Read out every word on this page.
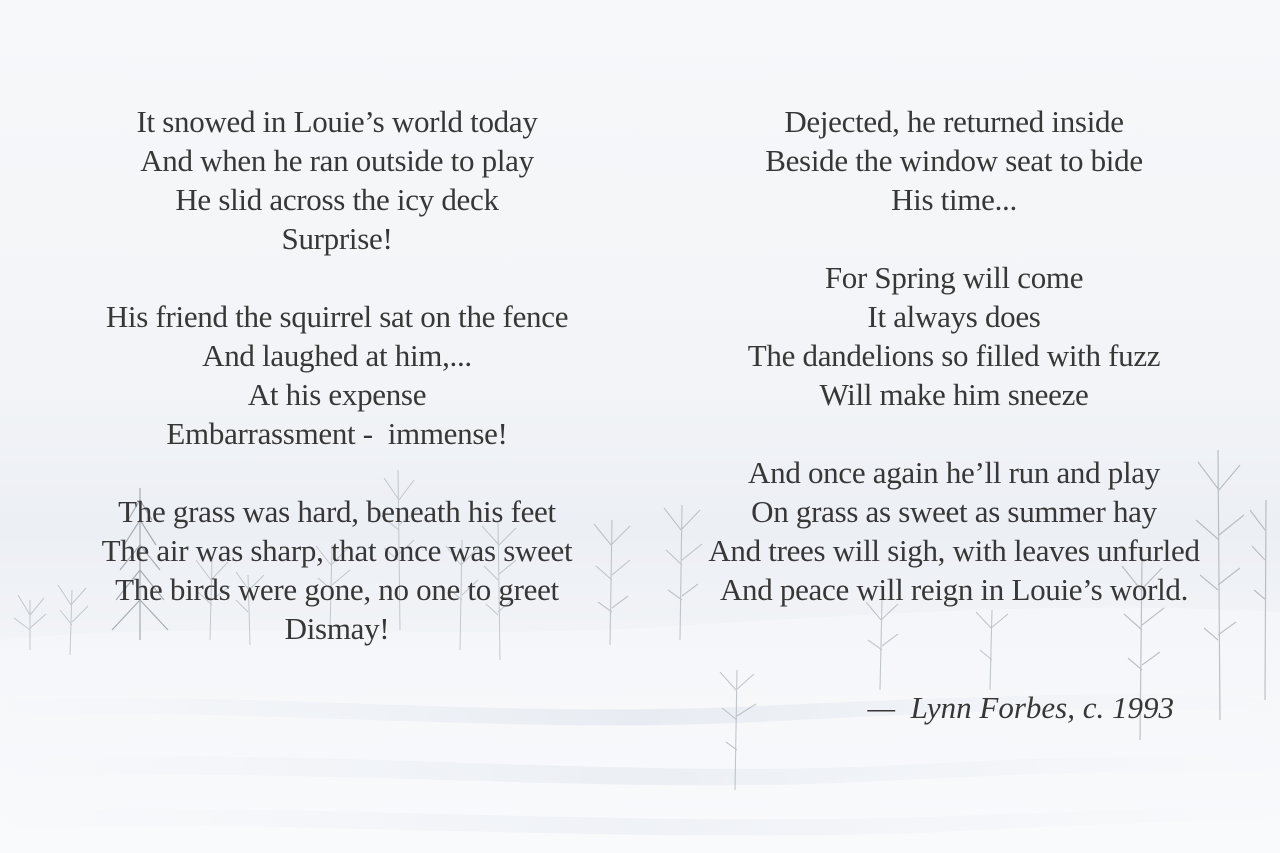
It snowed in Louie’s world today
And when he ran outside to play
He slid across the icy deck
Surprise!
His friend the squirrel sat on the fence
And laughed at him,...
At his expense
Embarrassment -  immense!
The grass was hard, beneath his feet
The air was sharp, that once was sweet
The birds were gone, no one to greet
Dismay!
Dejected, he returned inside
Beside the window seat to bide
His time...
For Spring will come
It always does
The dandelions so filled with fuzz
Will make him sneeze
And once again he’ll run and play
On grass as sweet as summer hay
And trees will sigh, with leaves unfurled
And peace will reign in Louie’s world.
—  Lynn Forbes, c. 1993
